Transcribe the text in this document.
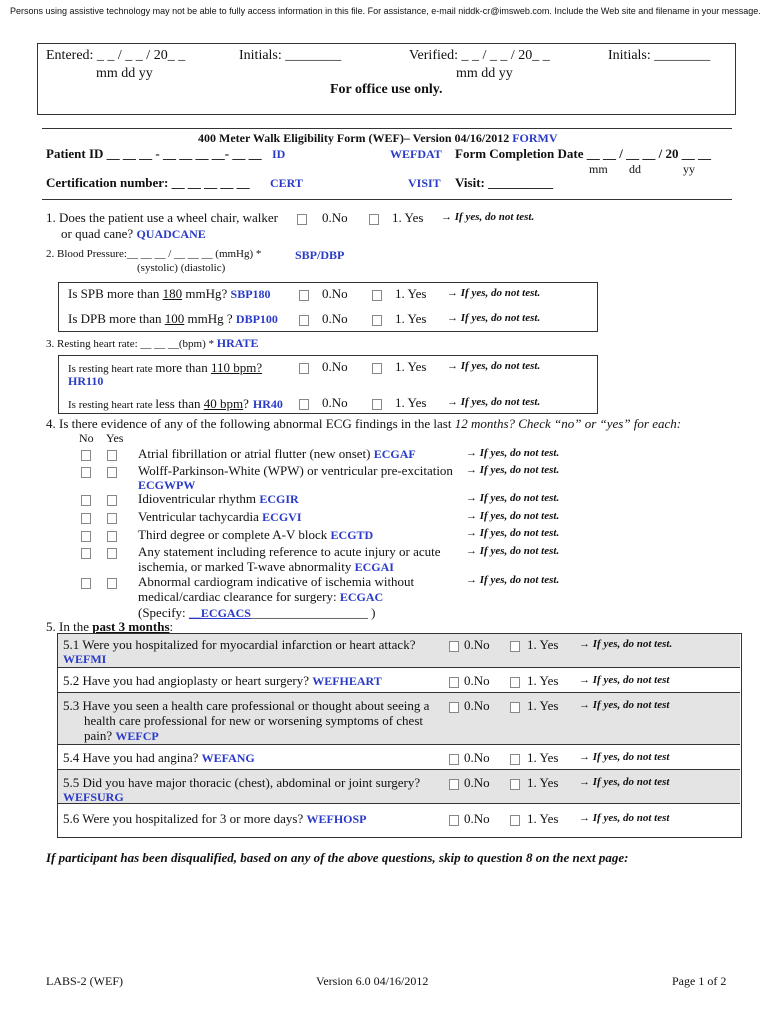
Persons using assistive technology may not be able to fully access information in this file. For assistance, e-mail niddk-cr@imsweb.com. Include the Web site and filename in your message.
Entered: _ _ / _ _ / 20_ _
mm dd yy
Initials: ________	Verified: _ _ / _ _ / 20_ _
mm dd yy
Initials: ________
For office use only.
400 Meter Walk Eligibility Form (WEF)– Version 04/16/2012 FORMV
Patient ID __ __ __ - __ __ __ __- __ __ ID	WEFDAT Form Completion Date __ __ / __ __ / 20 __ __
mm dd	yy
Certification number: __ __ __ __ __ CERT	VISIT Visit: __________
1. Does the patient use a wheel chair, walker
or quad cane? QUADCANE
0.No	1. Yes → If yes, do not test.
2. Blood Pressure:__ __ __ / __ __ __ (mmHg) *
(systolic) (diastolic)
SBP/DBP
Is SPB more than 180 mmHg? SBP180	0.No	1. Yes → If yes, do not test.
Is DPB more than 100 mmHg ? DBP100	0.No	1. Yes → If yes, do not test.
3. Resting heart rate: __ __ __(bpm) * HRATE
Is resting heart rate more than 110 bpm?
HR110
0.No	1. Yes → If yes, do not test.
Is resting heart rate less than 40 bpm? HR40	0.No	1. Yes → If yes, do not test.
4. Is there evidence of any of the following abnormal ECG findings in the last 12 months? Check “no” or “yes” for each:
No Yes
Atrial fibrillation or atrial flutter (new onset) ECGAF	→ If yes, do not test.
Wolff-Parkinson-White (WPW) or ventricular pre-excitation
ECGWPW
→ If yes, do not test.
Idioventricular rhythm ECGIR	→ If yes, do not test.
Ventricular tachycardia ECGVI	→ If yes, do not test.
Third degree or complete A-V block ECGTD	→ If yes, do not test.
Any statement including reference to acute injury or acute
ischemia, or marked T-wave abnormality ECGAI
→ If yes, do not test.
Abnormal cardiogram indicative of ischemia without
medical/cardiac clearance for surgery: ECGAC
→ If yes, do not test.
(Specify: __ECGACS__________________ )
5. In the past 3 months:
5.1 Were you hospitalized for myocardial infarction or heart attack?
WEFMI
0.No	1. Yes → If yes, do not test.
5.2 Have you had angioplasty or heart surgery? WEFHEART	0.No	1. Yes → If yes, do not test
5.3 Have you seen a health care professional or thought about seeing a
health care professional for new or worsening symptoms of chest
pain? WEFCP
0.No	1. Yes → If yes, do not test
5.4 Have you had angina? WEFANG	0.No	1. Yes → If yes, do not test
5.5 Did you have major thoracic (chest), abdominal or joint surgery?
WEFSURG
0.No	1. Yes → If yes, do not test
5.6 Were you hospitalized for 3 or more days? WEFHOSP	0.No	1. Yes → If yes, do not test
If participant has been disqualified, based on any of the above questions, skip to question 8 on the next page:
LABS-2 (WEF)	Version 6.0 04/16/2012	Page 1 of 2
